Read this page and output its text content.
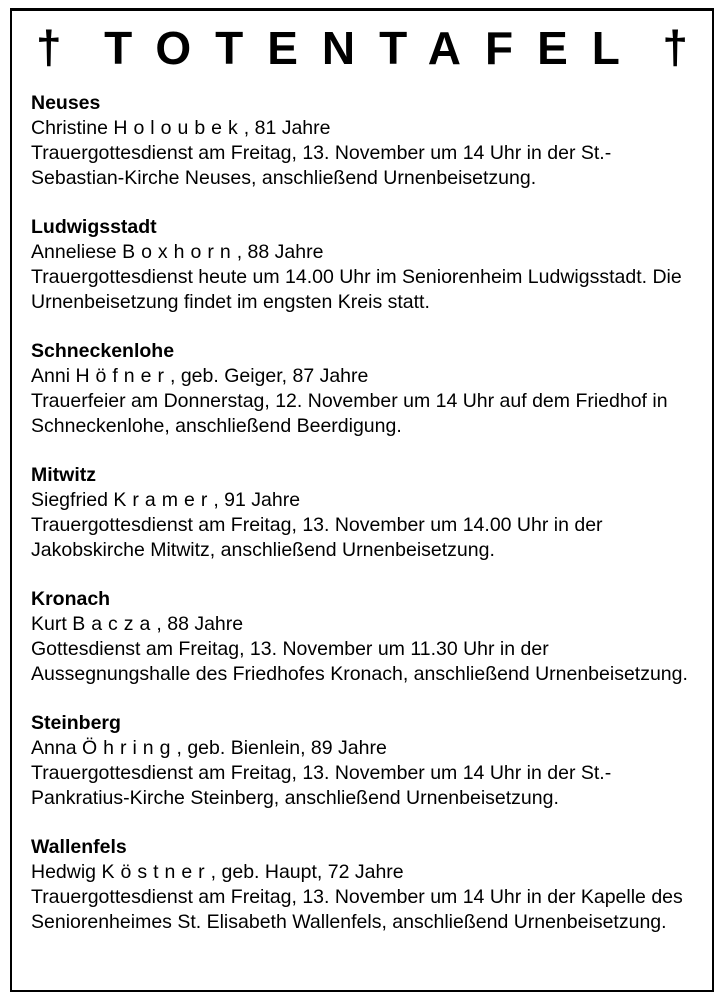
† TOTENTAFEL †
Neuses
Christine Holoubek, 81 Jahre
Trauergottesdienst am Freitag, 13. November um 14 Uhr in der St.-Sebastian-Kirche Neuses, anschließend Urnenbeisetzung.
Ludwigsstadt
Anneliese Boxhorn, 88 Jahre
Trauergottesdienst heute um 14.00 Uhr im Seniorenheim Ludwigsstadt. Die Urnenbeisetzung findet im engsten Kreis statt.
Schneckenlohe
Anni Höfner, geb. Geiger, 87 Jahre
Trauerfeier am Donnerstag, 12. November um 14 Uhr auf dem Friedhof in Schneckenlohe, anschließend Beerdigung.
Mitwitz
Siegfried Kramer, 91 Jahre
Trauergottesdienst am Freitag, 13. November um 14.00 Uhr in der Jakobskirche Mitwitz, anschließend Urnenbeisetzung.
Kronach
Kurt Bacza, 88 Jahre
Gottesdienst am Freitag, 13. November um 11.30 Uhr in der Aussegnungshalle des Friedhofes Kronach, anschließend Urnenbeisetzung.
Steinberg
Anna Öhring, geb. Bienlein, 89 Jahre
Trauergottesdienst am Freitag, 13. November um 14 Uhr in der St.-Pankratius-Kirche Steinberg, anschließend Urnenbeisetzung.
Wallenfels
Hedwig Köstner, geb. Haupt, 72 Jahre
Trauergottesdienst am Freitag, 13. November um 14 Uhr in der Kapelle des Seniorenheimes St. Elisabeth Wallenfels, anschließend Urnenbeisetzung.
